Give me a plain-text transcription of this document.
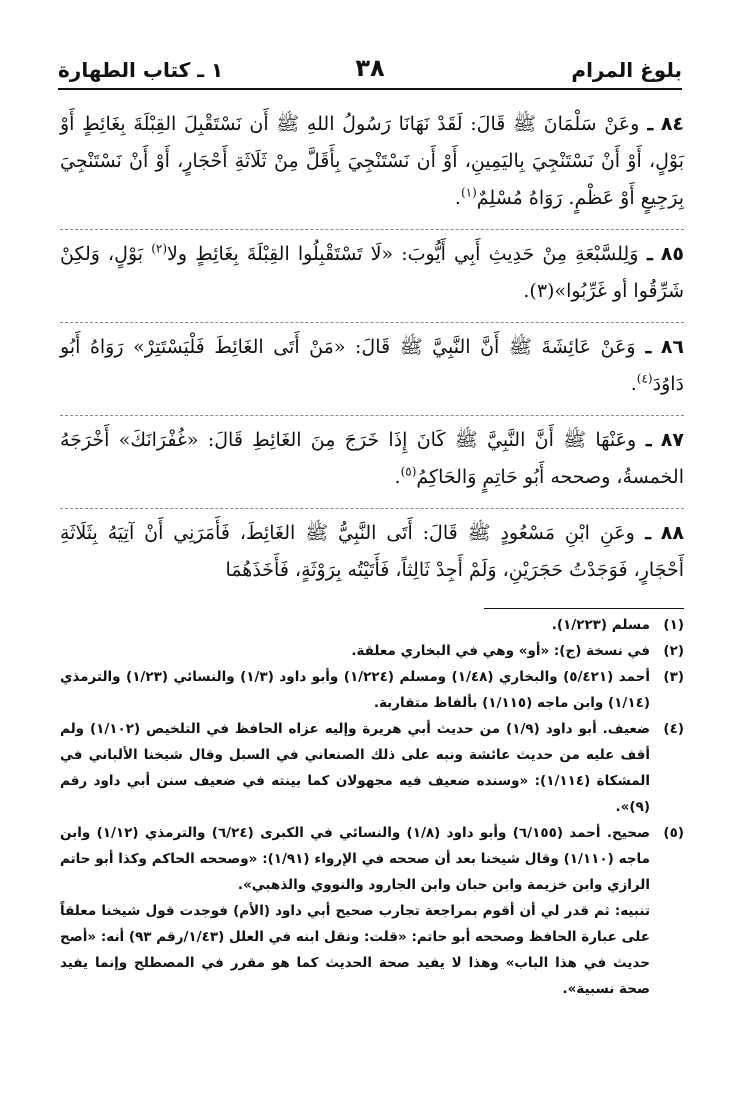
بلوغ المرام
٣٨
١ ـ كتاب الطهارة

٨٤ ـ وعَنْ سَلْمَانَ ﷺ قَالَ: لَقَدْ نَهَانَا رَسُولُ اللهِ ﷺ أَن نَسْتَقْبِلَ القِبْلَةَ بِغَائِطٍ أَوْ بَوْلٍ، أَوْ أَنْ نَسْتَنْجِيَ بِاليَمِينِ، أَوْ أَن نَسْتَنْجِيَ بِأَقَلَّ مِنْ ثَلَاثَةِ أَحْجَارٍ، أَوْ أَنْ نَسْتَنْجِيَ بِرَجِيعٍ أَوْ عَظْمٍ. رَوَاهُ مُسْلِمٌ$^{(١)}$.

٨٥ ـ وَلِلسَّبْعَةِ مِنْ حَدِيثِ أَبِي أَيُّوبَ: «لَا تَسْتَقْبِلُوا القِبْلَةَ بِغَائِطٍ ولا$^{(٢)}$ بَوْلٍ، وَلكِنْ شَرِّقُوا أو غَرِّبُوا»(٣).

٨٦ ـ وَعَنْ عَائِشَةَ ﷺ أَنَّ النَّبِيَّ ﷺ قَالَ: «مَنْ أَتَى الغَائِطَ فَلْيَسْتَتِرْ» رَوَاهُ أَبُو دَاوُدَ$^{(٤)}$.

٨٧ ـ وعَنْهَا ﷺ أَنَّ النَّبِيَّ ﷺ كَانَ إِذَا خَرَجَ مِنَ الغَائِطِ قَالَ: «غُفْرَانَكَ» أَخْرَجَهُ الخمسةُ، وصححه أَبُو حَاتِمٍ وَالحَاكِمُ$^{(٥)}$.

٨٨ ـ وعَنِ ابْنِ مَسْعُودٍ ﷺ قَالَ: أَتَى النَّبِيُّ ﷺ الغَائِطَ، فَأَمَرَنِي أَنْ آتِيَهُ بِثَلَاثَةِ أَحْجَارٍ، فَوَجَدْتُ حَجَرَيْنِ، وَلَمْ أَجِدْ ثَالِثاً، فَأَتَيْتُه بِرَوْثَةٍ، فَأَخَذَهُمَا

(١)
مسلم (١/٢٢٣).
(٢)
في نسخة (ج): «أو» وهي في البخاري معلقة.
(٣)
أحمد (٥/٤٢١) والبخاري (١/٤٨) ومسلم (١/٢٢٤) وأبو داود (١/٣) والنسائي (١/٢٣) والترمذي (١/١٤) وابن ماجه (١/١١٥) بألفاظ متقاربة.
(٤)
ضعيف. أبو داود (١/٩) من حديث أبي هريرة وإليه عزاه الحافظ في التلخيص (١/١٠٢) ولم أقف عليه من حديث عائشة ونبه على ذلك الصنعاني في السبل وقال شيخنا الألباني في المشكاة (١/١١٤): «وسنده ضعيف فيه مجهولان كما بينته في ضعيف سنن أبي داود رقم (٩)».
(٥)
صحيح. أحمد (٦/١٥٥) وأبو داود (١/٨) والنسائي في الكبرى (٦/٢٤) والترمذي (١/١٢) وابن ماجه (١/١١٠) وقال شيخنا بعد أن صححه في الإرواء (١/٩١): «وصححه الحاكم وكذا أبو حاتم الرازي وابن خزيمة وابن حبان وابن الجارود والنووي والذهبي».
تنبيه: ثم قدر لي أن أقوم بمراجعة تجارب صحيح أبي داود (الأم) فوجدت قول شيخنا معلقاً على عبارة الحافظ وصححه أبو حاتم: «قلت: ونقل ابنه في العلل (١/٤٣/رقم ٩٣) أنه: «أصح حديث في هذا الباب» وهذا لا يفيد صحة الحديث كما هو مقرر في المصطلح وإنما يفيد صحة نسبية».
